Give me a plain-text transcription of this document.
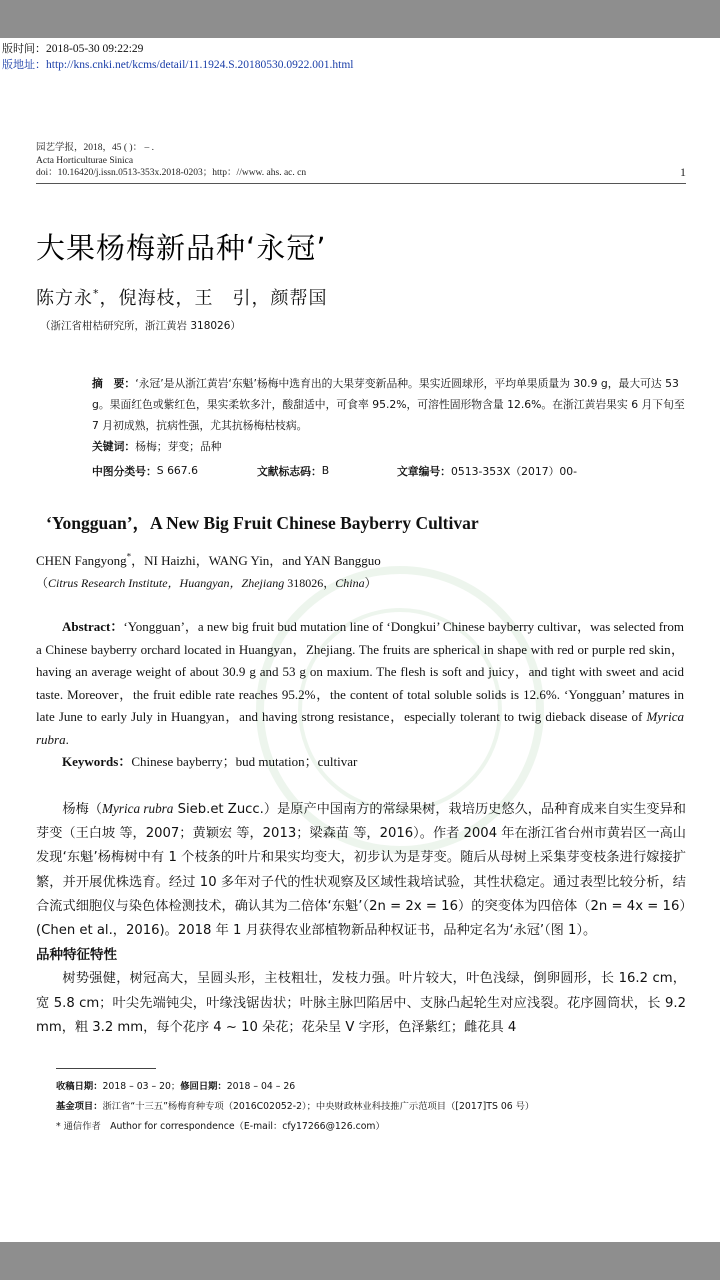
版时间：2018-05-30 09:22:29
版地址：http://kns.cnki.net/kcms/detail/11.1924.S.20180530.0922.001.html
园艺学报，2018，45 ( )： – .
Acta Horticulturae Sinica
doi：10.16420/j.issn.0513-353x.2018-0203；http：//www. ahs. ac. cn	1
大果杨梅新品种‘永冠’
陈方永*，倪海枝，王　引，颜帮国
（浙江省柑桔研究所，浙江黄岩 318026）

摘　要：‘永冠’是从浙江黄岩‘东魁’杨梅中选育出的大果芽变新品种。果实近圆球形，平均单果质量为 30.9 g，最大可达 53 g。果面红色或紫红色，果实柔软多汁，酸甜适中，可食率 95.2%，可溶性固形物含量 12.6%。在浙江黄岩果实 6 月下旬至 7 月初成熟，抗病性强，尤其抗杨梅枯枝病。

关键词：杨梅；芽变；品种

中图分类号： S 667.6	文献标志码： B	文章编号： 0513-353X（2017）00-
‘Yongguan’，A New Big Fruit Chinese Bayberry Cultivar
CHEN Fangyong*，NI Haizhi，WANG Yin，and YAN Bangguo
（Citrus Research Institute，Huangyan，Zhejiang 318026，China）

Abstract：‘Yongguan’，a new big fruit bud mutation line of ‘Dongkui’ Chinese bayberry cultivar，was selected from a Chinese bayberry orchard located in Huangyan，Zhejiang. The fruits are spherical in shape with red or purple red skin，having an average weight of about 30.9 g and 53 g on maxium. The flesh is soft and juicy，and tight with sweet and acid taste. Moreover，the fruit edible rate reaches 95.2%，the content of total soluble solids is 12.6%. ‘Yongguan’ matures in late June to early July in Huangyan，and having strong resistance，especially tolerant to twig dieback disease of Myrica rubra.

Keywords：Chinese bayberry；bud mutation；cultivar

杨梅（Myrica rubra Sieb.et Zucc.）是原产中国南方的常绿果树，栽培历史悠久，品种育成来自实生变异和芽变（王白坡 等，2007；黄颖宏 等，2013；梁森苗 等，2016）。作者 2004 年在浙江省台州市黄岩区一高山发现‘东魁’杨梅树中有 1 个枝条的叶片和果实均变大，初步认为是芽变。随后从母树上采集芽变枝条进行嫁接扩繁，并开展优株选育。经过 10 多年对子代的性状观察及区域性栽培试验，其性状稳定。通过表型比较分析，结合流式细胞仪与染色体检测技术，确认其为二倍体‘东魁’（2n = 2x = 16）的突变体为四倍体（2n = 4x = 16）(Chen et al.，2016)。2018 年 1 月获得农业部植物新品种权证书，品种定名为‘永冠’（图 1）。

品种特征特性

树势强健，树冠高大，呈圆头形，主枝粗壮，发枝力强。叶片较大，叶色浅绿，倒卵圆形，长 16.2 cm，宽 5.8 cm；叶尖先端钝尖，叶缘浅锯齿状；叶脉主脉凹陷居中、支脉凸起轮生对应浅裂。花序圆筒状，长 9.2 mm，粗 3.2 mm，每个花序 4 ~ 10 朵花；花朵呈 V 字形，色泽紫红；雌花具 4

收稿日期：2018 – 03 – 20；修回日期：2018 – 04 – 26

基金项目：浙江省“十三五”杨梅育种专项（2016C02052-2）；中央财政林业科技推广示范项目（[2017]TS 06 号）

* 通信作者　Author for correspondence（E-mail：cfy17266@126.com）
